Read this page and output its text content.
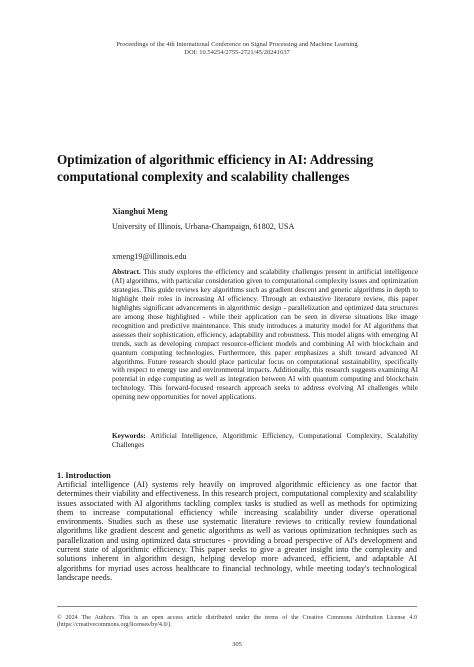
Proceedings of the 4th International Conference on Signal Processing and Machine Learning
DOI: 10.54254/2755-2721/45/20241637
Optimization of algorithmic efficiency in AI: Addressing computational complexity and scalability challenges
Xianghui Meng
University of Illinois, Urbana-Champaign, 61802, USA
xmeng19@illinois.edu
Abstract. This study explores the efficiency and scalability challenges present in artificial intelligence (AI) algorithms, with particular consideration given to computational complexity issues and optimization strategies. This guide reviews key algorithms such as gradient descent and genetic algorithms in depth to highlight their roles in increasing AI efficiency. Through an exhaustive literature review, this paper highlights significant advancements in algorithmic design - parallelization and optimized data structures are among those highlighted - while their application can be seen in diverse situations like image recognition and predictive maintenance. This study introduces a maturity model for AI algorithms that assesses their sophistication, efficiency, adaptability and robustness. This model aligns with emerging AI trends, such as developing compact resource-efficient models and combining AI with blockchain and quantum computing technologies. Furthermore, this paper emphasizes a shift toward advanced AI algorithms. Future research should place particular focus on computational sustainability, specifically with respect to energy use and environmental impacts. Additionally, this research suggests examining AI potential in edge computing as well as integration between AI with quantum computing and blockchain technology. This forward-focused research approach seeks to address evolving AI challenges while opening new opportunities for novel applications.
Keywords: Artificial Intelligence, Algorithmic Efficiency, Computational Complexity, Scalability Challenges
1. Introduction
Artificial intelligence (AI) systems rely heavily on improved algorithmic efficiency as one factor that determines their viability and effectiveness. In this research project, computational complexity and scalability issues associated with AI algorithms tackling complex tasks is studied as well as methods for optimizing them to increase computational efficiency while increasing scalability under diverse operational environments. Studies such as these use systematic literature reviews to critically review foundational algorithms like gradient descent and genetic algorithms as well as various optimization techniques such as parallelization and using optimized data structures - providing a broad perspective of AI's development and current state of algorithmic efficiency. This paper seeks to give a greater insight into the complexity and solutions inherent in algorithm design, helping develop more advanced, efficient, and adaptable AI algorithms for myriad uses across healthcare to financial technology, while meeting today's technological landscape needs.
© 2024 The Authors. This is an open access article distributed under the terms of the Creative Commons Attribution License 4.0 (https://creativecommons.org/licenses/by/4.0/).
305
